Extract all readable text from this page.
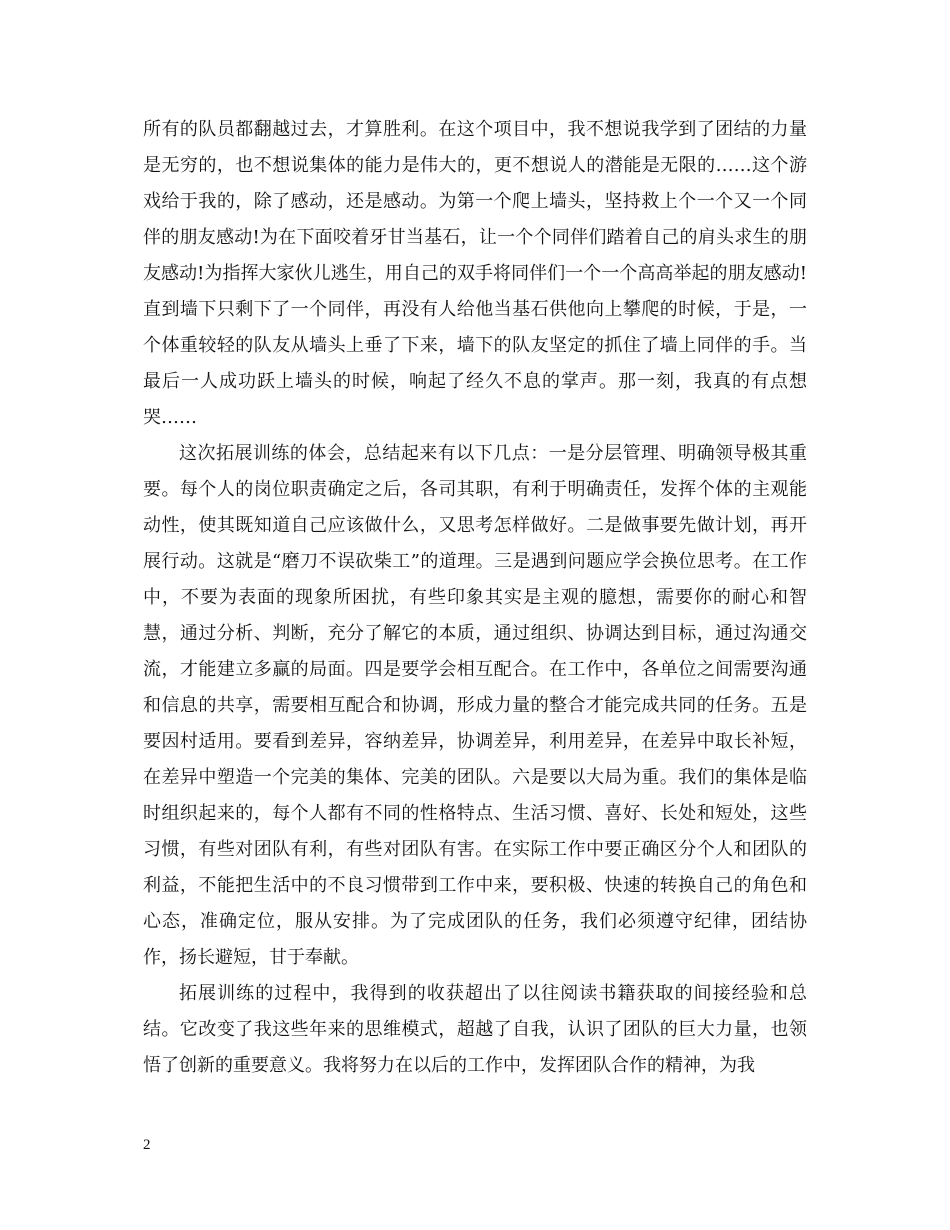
所有的队员都翻越过去，才算胜利。在这个项目中，我不想说我学到了团结的力量是无穷的，也不想说集体的能力是伟大的，更不想说人的潜能是无限的……这个游戏给于我的，除了感动，还是感动。为第一个爬上墙头，坚持救上个一个又一个同伴的朋友感动!为在下面咬着牙甘当基石，让一个个同伴们踏着自己的肩头求生的朋友感动!为指挥大家伙儿逃生，用自己的双手将同伴们一个一个高高举起的朋友感动!直到墙下只剩下了一个同伴，再没有人给他当基石供他向上攀爬的时候，于是，一个体重较轻的队友从墙头上垂了下来，墙下的队友坚定的抓住了墙上同伴的手。当最后一人成功跃上墙头的时候，响起了经久不息的掌声。那一刻，我真的有点想哭……

这次拓展训练的体会，总结起来有以下几点：一是分层管理、明确领导极其重要。每个人的岗位职责确定之后，各司其职，有利于明确责任，发挥个体的主观能动性，使其既知道自己应该做什么，又思考怎样做好。二是做事要先做计划，再开展行动。这就是“磨刀不误砍柴工”的道理。三是遇到问题应学会换位思考。在工作中，不要为表面的现象所困扰，有些印象其实是主观的臆想，需要你的耐心和智慧，通过分析、判断，充分了解它的本质，通过组织、协调达到目标，通过沟通交流，才能建立多赢的局面。四是要学会相互配合。在工作中，各单位之间需要沟通和信息的共享，需要相互配合和协调，形成力量的整合才能完成共同的任务。五是要因村适用。要看到差异，容纳差异，协调差异，利用差异，在差异中取长补短，在差异中塑造一个完美的集体、完美的团队。六是要以大局为重。我们的集体是临时组织起来的，每个人都有不同的性格特点、生活习惯、喜好、长处和短处，这些习惯，有些对团队有利，有些对团队有害。在实际工作中要正确区分个人和团队的利益，不能把生活中的不良习惯带到工作中来，要积极、快速的转换自己的角色和心态，准确定位，服从安排。为了完成团队的任务，我们必须遵守纪律，团结协作，扬长避短，甘于奉献。

拓展训练的过程中，我得到的收获超出了以往阅读书籍获取的间接经验和总结。它改变了我这些年来的思维模式，超越了自我，认识了团队的巨大力量，也领悟了创新的重要意义。我将努力在以后的工作中，发挥团队合作的精神，为我

2
